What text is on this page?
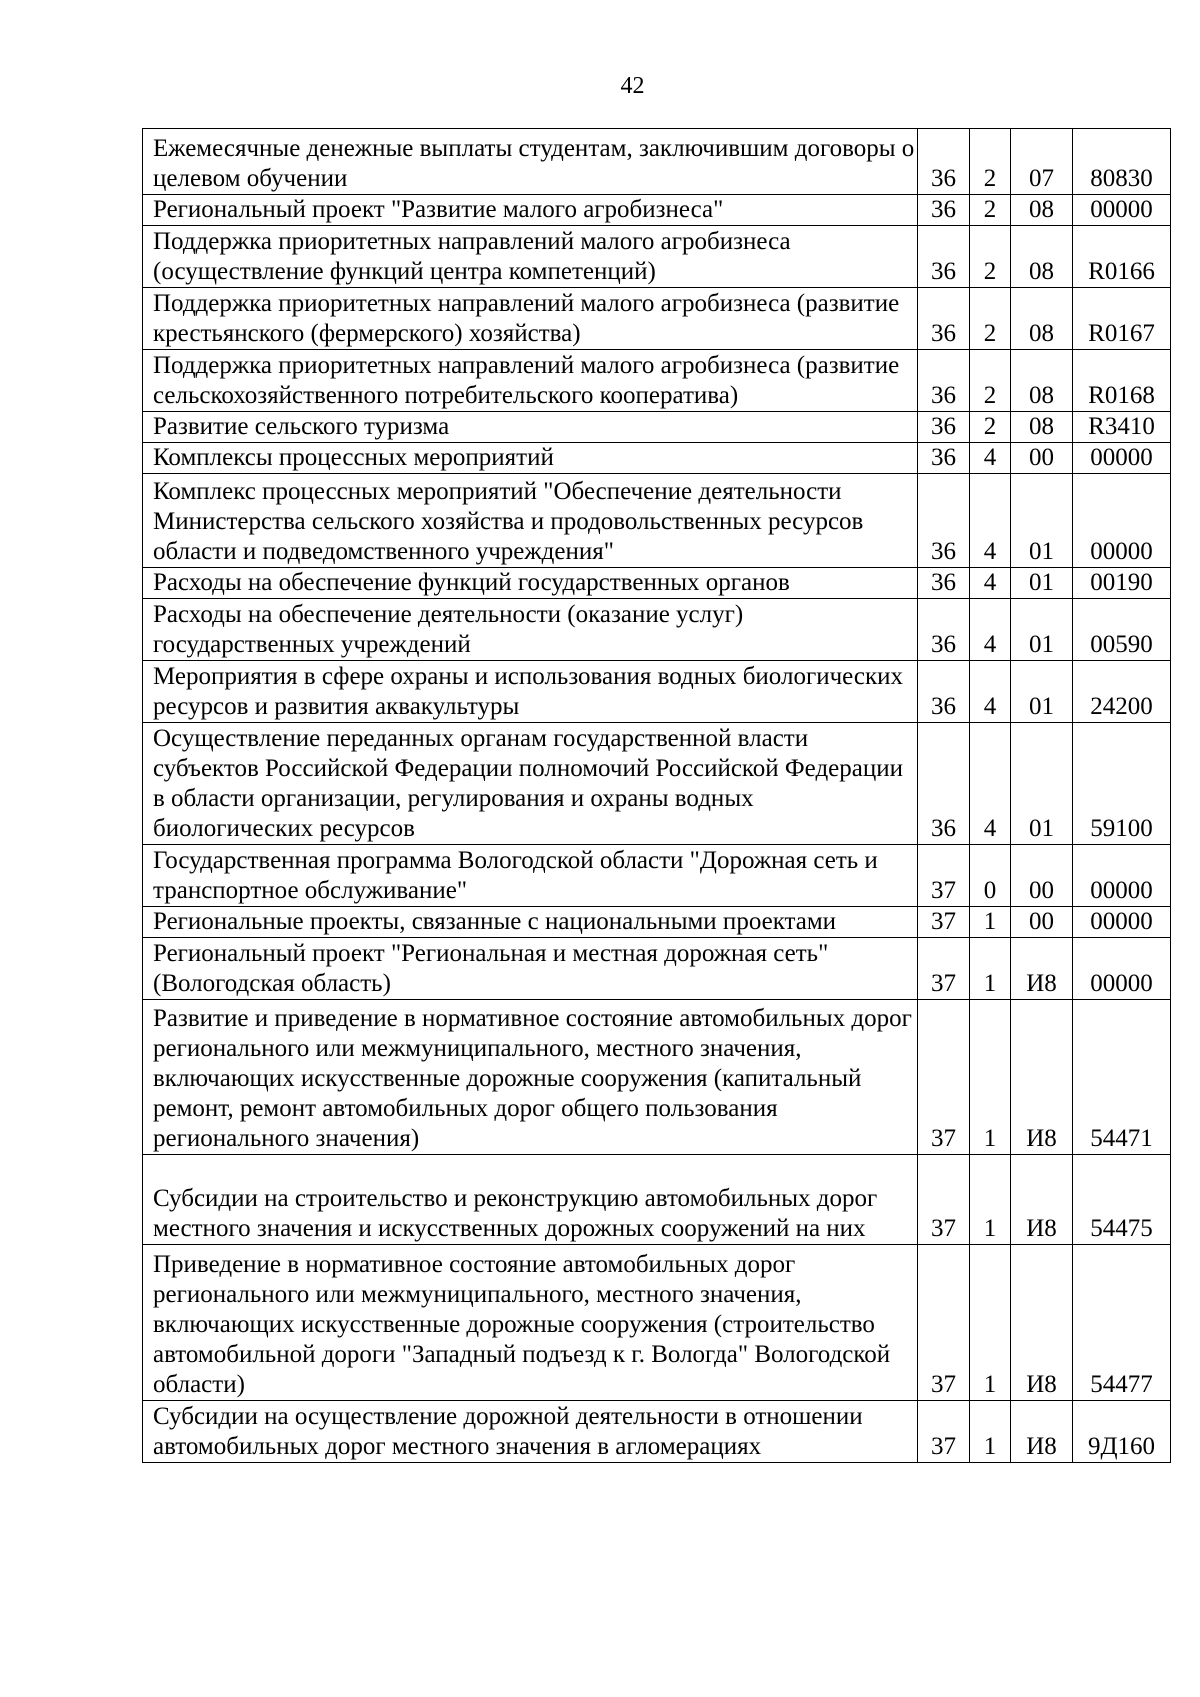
42
Ежемесячные денежные выплаты студентам, заключившим договоры о целевом обучении	36	2	07	80830
Региональный проект "Развитие малого агробизнеса"	36	2	08	00000
Поддержка приоритетных направлений малого агробизнеса (осуществление функций центра компетенций)	36	2	08	R0166
Поддержка приоритетных направлений малого агробизнеса (развитие крестьянского (фермерского) хозяйства)	36	2	08	R0167
Поддержка приоритетных направлений малого агробизнеса (развитие сельскохозяйственного потребительского кооператива)	36	2	08	R0168
Развитие сельского туризма	36	2	08	R3410
Комплексы процессных мероприятий	36	4	00	00000
Комплекс процессных мероприятий "Обеспечение деятельности Министерства сельского хозяйства и продовольственных ресурсов области и подведомственного учреждения"	36	4	01	00000
Расходы на обеспечение функций государственных органов	36	4	01	00190
Расходы на обеспечение деятельности (оказание услуг) государственных учреждений	36	4	01	00590
Мероприятия в сфере охраны и использования водных биологических ресурсов и развития аквакультуры	36	4	01	24200
Осуществление переданных органам государственной власти субъектов Российской Федерации полномочий Российской Федерации в области организации, регулирования и охраны водных биологических ресурсов	36	4	01	59100
Государственная программа Вологодской области "Дорожная сеть и транспортное обслуживание"	37	0	00	00000
Региональные проекты, связанные с национальными проектами	37	1	00	00000
Региональный проект "Региональная и местная дорожная сеть" (Вологодская область)	37	1	И8	00000
Развитие и приведение в нормативное состояние автомобильных дорог регионального или межмуниципального, местного значения, включающих искусственные дорожные сооружения (капитальный ремонт, ремонт автомобильных дорог общего пользования регионального значения)	37	1	И8	54471
Субсидии на строительство и реконструкцию автомобильных дорог местного значения и искусственных дорожных сооружений на них	37	1	И8	54475
Приведение в нормативное состояние автомобильных дорог регионального или межмуниципального, местного значения, включающих искусственные дорожные сооружения (строительство автомобильной дороги "Западный подъезд к г. Вологда" Вологодской области)	37	1	И8	54477
Субсидии на осуществление дорожной деятельности в отношении автомобильных дорог местного значения в агломерациях	37	1	И8	9Д160
